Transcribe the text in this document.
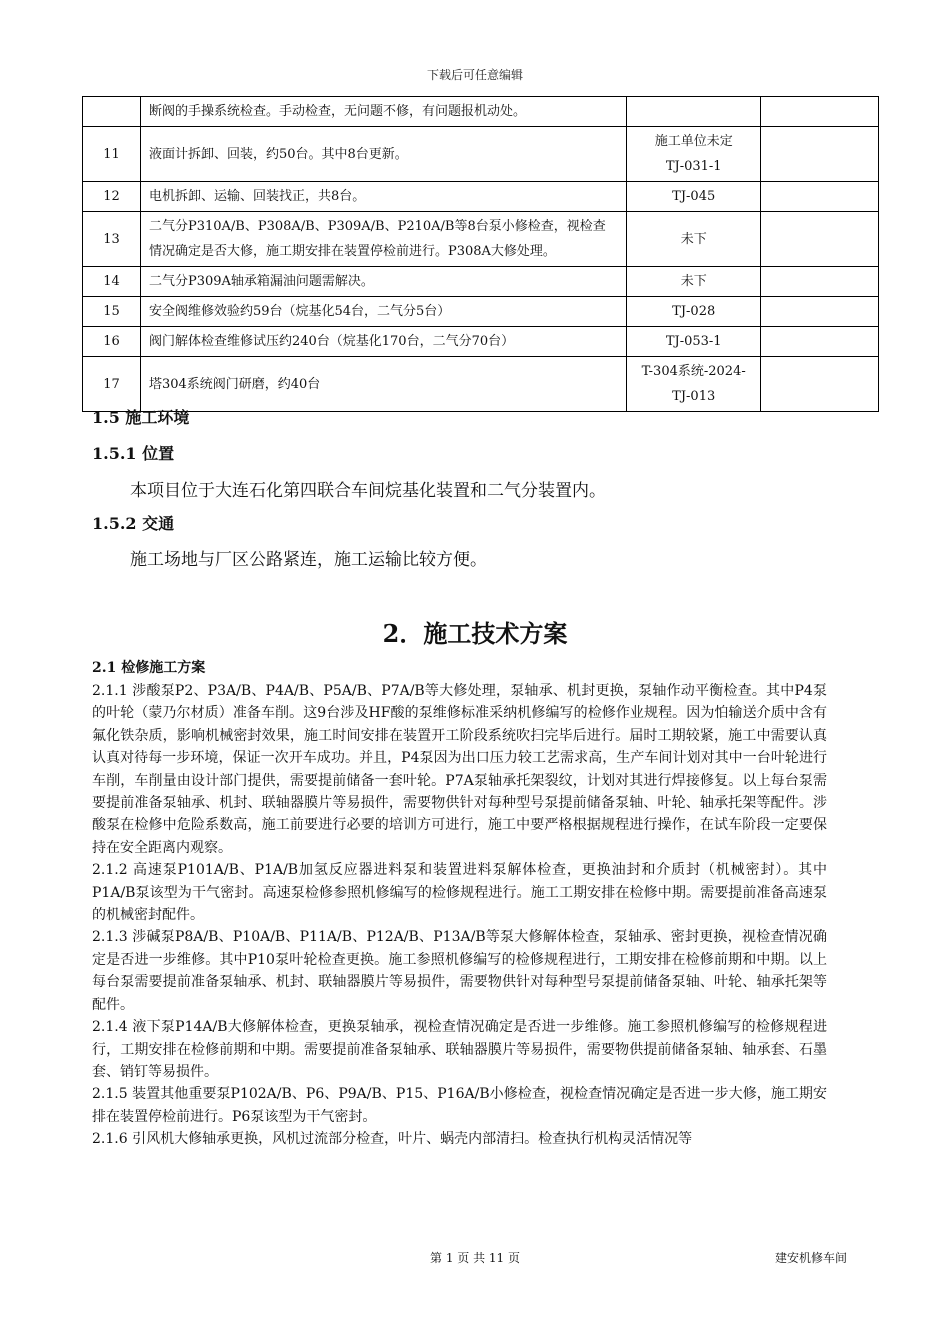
下载后可任意编辑
	断阀的手操系统检查。手动检查，无问题不修，有问题报机动处。		
11	液面计拆卸、回装，约50台。其中8台更新。	施工单位未定
TJ-031-1	
12	电机拆卸、运输、回装找正，共8台。	TJ-045	
13	二气分P310A/B、P308A/B、P309A/B、P210A/B等8台泵小修检查，视检查情况确定是否大修，施工期安排在装置停检前进行。P308A大修处理。	未下	
14	二气分P309A轴承箱漏油问题需解决。	未下	
15	安全阀维修效验约59台（烷基化54台，二气分5台）	TJ-028	
16	阀门解体检查维修试压约240台（烷基化170台，二气分70台）	TJ-053-1	
17	塔304系统阀门研磨，约40台	T-304系统-2024-
TJ-013	
1.5 施工环境
1.5.1 位置
本项目位于大连石化第四联合车间烷基化装置和二气分装置内。
1.5.2 交通
施工场地与厂区公路紧连，施工运输比较方便。
2．施工技术方案
2.1 检修施工方案

2.1.1 涉酸泵P2、P3A/B、P4A/B、P5A/B、P7A/B等大修处理，泵轴承、机封更换，泵轴作动平衡检查。其中P4泵的叶轮（蒙乃尔材质）准备车削。这9台涉及HF酸的泵维修标准采纳机修编写的检修作业规程。因为怕输送介质中含有氟化铁杂质，影响机械密封效果，施工时间安排在装置开工阶段系统吹扫完毕后进行。届时工期较紧，施工中需要认真认真对待每一步环境，保证一次开车成功。并且，P4泵因为出口压力较工艺需求高，生产车间计划对其中一台叶轮进行车削，车削量由设计部门提供，需要提前储备一套叶轮。P7A泵轴承托架裂纹，计划对其进行焊接修复。以上每台泵需要提前准备泵轴承、机封、联轴器膜片等易损件，需要物供针对每种型号泵提前储备泵轴、叶轮、轴承托架等配件。涉酸泵在检修中危险系数高，施工前要进行必要的培训方可进行，施工中要严格根据规程进行操作，在试车阶段一定要保持在安全距离内观察。

2.1.2 高速泵P101A/B、P1A/B加氢反应器进料泵和装置进料泵解体检查，更换油封和介质封（机械密封）。其中P1A/B泵该型为干气密封。高速泵检修参照机修编写的检修规程进行。施工工期安排在检修中期。需要提前准备高速泵的机械密封配件。

2.1.3 涉碱泵P8A/B、P10A/B、P11A/B、P12A/B、P13A/B等泵大修解体检查，泵轴承、密封更换，视检查情况确定是否进一步维修。其中P10泵叶轮检查更换。施工参照机修编写的检修规程进行，工期安排在检修前期和中期。以上每台泵需要提前准备泵轴承、机封、联轴器膜片等易损件，需要物供针对每种型号泵提前储备泵轴、叶轮、轴承托架等配件。

2.1.4 液下泵P14A/B大修解体检查，更换泵轴承，视检查情况确定是否进一步维修。施工参照机修编写的检修规程进行，工期安排在检修前期和中期。需要提前准备泵轴承、联轴器膜片等易损件，需要物供提前储备泵轴、轴承套、石墨套、销钉等易损件。

2.1.5 装置其他重要泵P102A/B、P6、P9A/B、P15、P16A/B小修检查，视检查情况确定是否进一步大修，施工期安排在装置停检前进行。P6泵该型为干气密封。

2.1.6 引风机大修轴承更换，风机过流部分检查，叶片、蜗壳内部清扫。检查执行机构灵活情况等

第 1 页 共 11 页	建安机修车间
